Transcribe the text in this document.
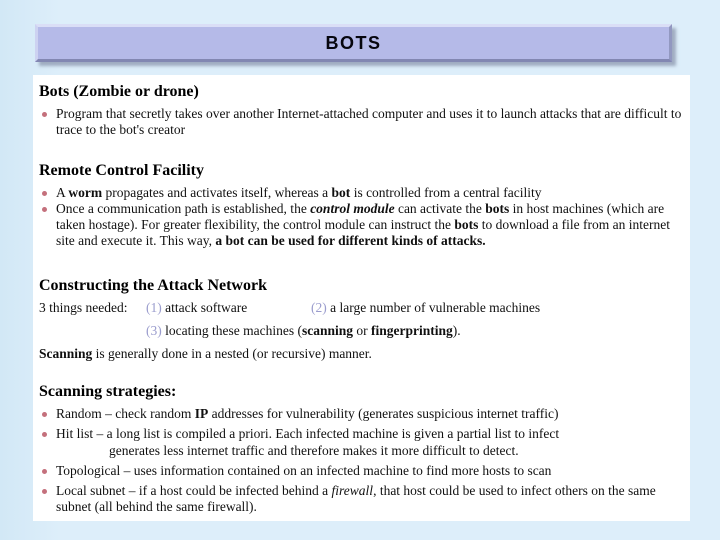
BOTS
Bots (Zombie or drone)
Program that secretly takes over another Internet-attached computer and uses it to launch attacks that are difficult to trace to the bot's creator
Remote Control Facility
A worm propagates and activates itself, whereas a bot is controlled from a central facility
Once a communication path is established, the control module can activate the bots in host machines (which are taken hostage). For greater flexibility, the control module can instruct the bots to download a file from an internet site and execute it. This way, a bot can be used for different kinds of attacks.
Constructing the Attack Network
3 things needed: (1) attack software	(2) a large number of vulnerable machines
(3) locating these machines (scanning or fingerprinting).
Scanning is generally done in a nested (or recursive) manner.
Scanning strategies:
Random – check random IP addresses for vulnerability (generates suspicious internet traffic)
Hit list – a long list is compiled a priori. Each infected machine is given a partial list to infect
generates less internet traffic and therefore makes it more difficult to detect.
Topological – uses information contained on an infected machine to find more hosts to scan
Local subnet – if a host could be infected behind a firewall, that host could be used to infect others on the same subnet (all behind the same firewall).
